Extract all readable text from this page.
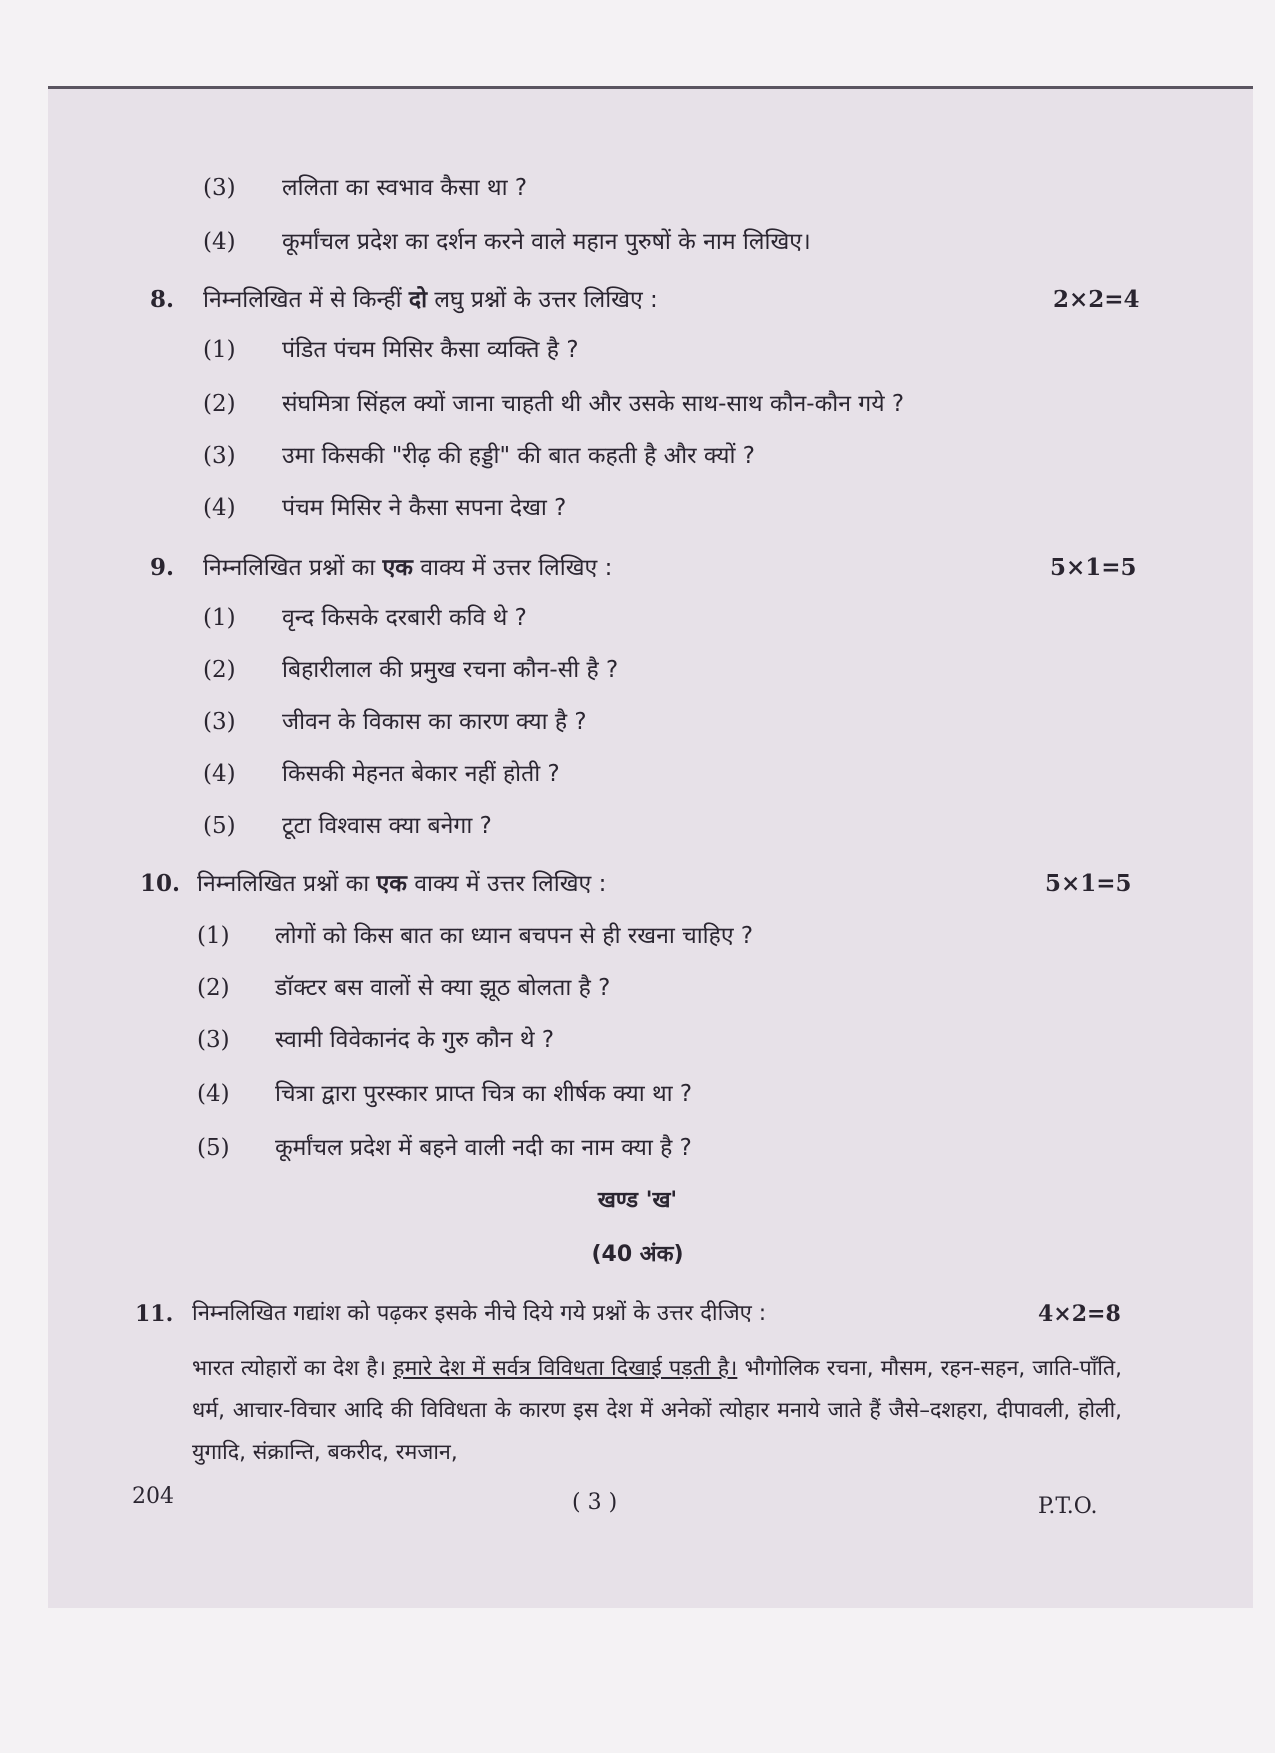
(3) ललिता का स्वभाव कैसा था ?
(4) कूर्मांचल प्रदेश का दर्शन करने वाले महान पुरुषों के नाम लिखिए।
8. निम्नलिखित में से किन्हीं दो लघु प्रश्नों के उत्तर लिखिए :	2×2=4
(1) पंडित पंचम मिसिर कैसा व्यक्ति है ?
(2) संघमित्रा सिंहल क्यों जाना चाहती थी और उसके साथ-साथ कौन-कौन गये ?
(3) उमा किसकी "रीढ़ की हड्डी" की बात कहती है और क्यों ?
(4) पंचम मिसिर ने कैसा सपना देखा ?
9. निम्नलिखित प्रश्नों का एक वाक्य में उत्तर लिखिए :	5×1=5
(1) वृन्द किसके दरबारी कवि थे ?
(2) बिहारीलाल की प्रमुख रचना कौन-सी है ?
(3) जीवन के विकास का कारण क्या है ?
(4) किसकी मेहनत बेकार नहीं होती ?
(5) टूटा विश्वास क्या बनेगा ?
10. निम्नलिखित प्रश्नों का एक वाक्य में उत्तर लिखिए :	5×1=5
(1) लोगों को किस बात का ध्यान बचपन से ही रखना चाहिए ?
(2) डॉक्टर बस वालों से क्या झूठ बोलता है ?
(3) स्वामी विवेकानंद के गुरु कौन थे ?
(4) चित्रा द्वारा पुरस्कार प्राप्त चित्र का शीर्षक क्या था ?
(5) कूर्मांचल प्रदेश में बहने वाली नदी का नाम क्या है ?
खण्ड 'ख'
(40 अंक)
11. निम्नलिखित गद्यांश को पढ़कर इसके नीचे दिये गये प्रश्नों के उत्तर दीजिए :	4×2=8
भारत त्योहारों का देश है। हमारे देश में सर्वत्र विविधता दिखाई पड़ती है। भौगोलिक रचना, मौसम, रहन-सहन, जाति-पाँति, धर्म, आचार-विचार आदि की विविधता के कारण इस देश में अनेकों त्योहार मनाये जाते हैं जैसे–दशहरा, दीपावली, होली, युगादि, संक्रान्ति, बकरीद, रमजान,
204	( 3 )	P.T.O.
